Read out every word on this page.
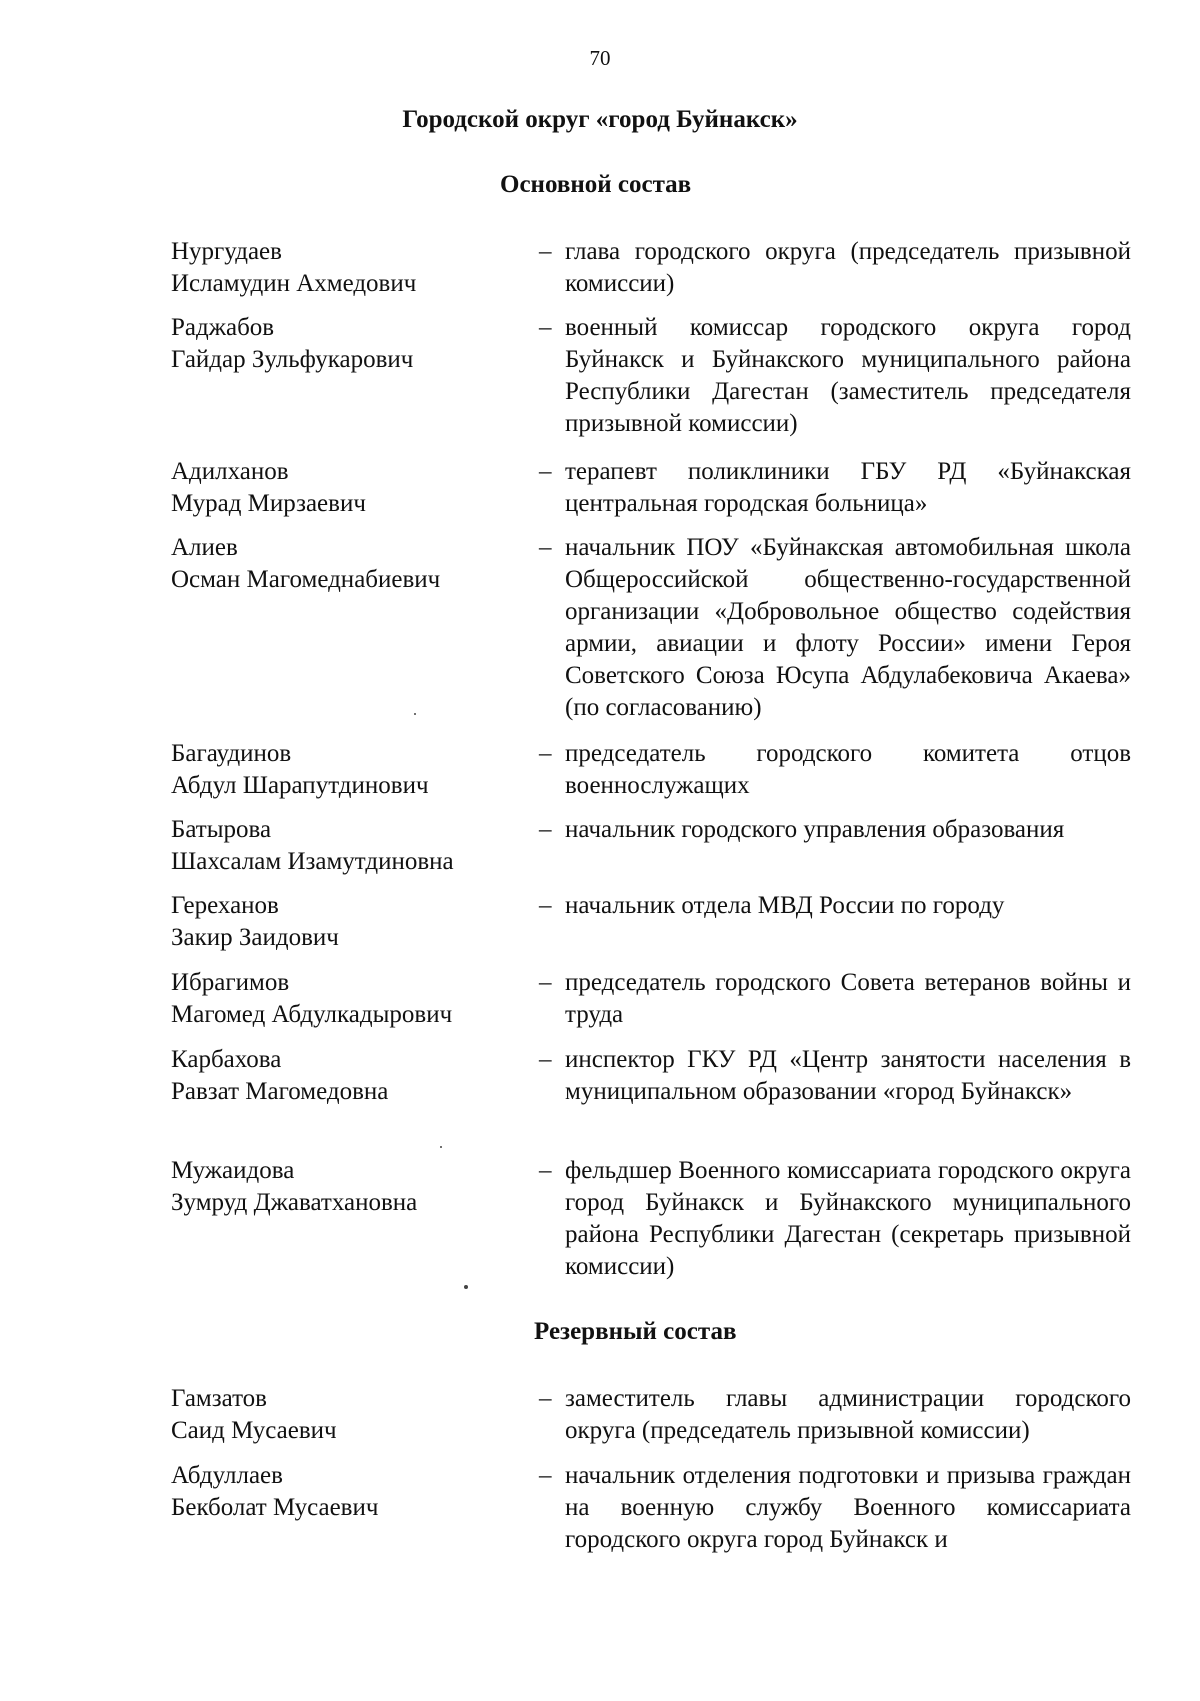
70
Городской округ «город Буйнакск»
Основной состав
Нургудаев
Исламудин Ахмедович
– глава городского округа (председатель призывной комиссии)
Раджабов
Гайдар Зульфукарович
– военный комиссар городского округа город Буйнакск и Буйнакского муниципального района Республики Дагестан (заместитель председателя призывной комиссии)
Адилханов
Мурад Мирзаевич
– терапевт поликлиники ГБУ РД «Буйнакская центральная городская больница»
Алиев
Осман Магомеднабиевич
– начальник ПОУ «Буйнакская автомобильная школа Общероссийской общественно-государственной организации «Добровольное общество содействия армии, авиации и флоту России» имени Героя Советского Союза Юсупа Абдулабековича Акаева» (по согласованию)
Багаудинов
Абдул Шарапутдинович
– председатель городского комитета отцов военнослужащих
Батырова
Шахсалам Изамутдиновна
– начальник городского управления образования
Гереханов
Закир Заидович
– начальник отдела МВД России по городу
Ибрагимов
Магомед Абдулкадырович
– председатель городского Совета ветеранов войны и труда
Карбахова
Равзат Магомедовна
– инспектор ГКУ РД «Центр занятости населения в муниципальном образовании «город Буйнакск»
Мужаидова
Зумруд Джаватхановна
– фельдшер Военного комиссариата городского округа город Буйнакск и Буйнакского муниципального района Республики Дагестан (секретарь призывной комиссии)
Резервный состав
Гамзатов
Саид Мусаевич
– заместитель главы администрации городского округа (председатель призывной комиссии)
Абдуллаев
Бекболат Мусаевич
– начальник отделения подготовки и призыва граждан на военную службу Военного комиссариата городского округа город Буйнакск и
